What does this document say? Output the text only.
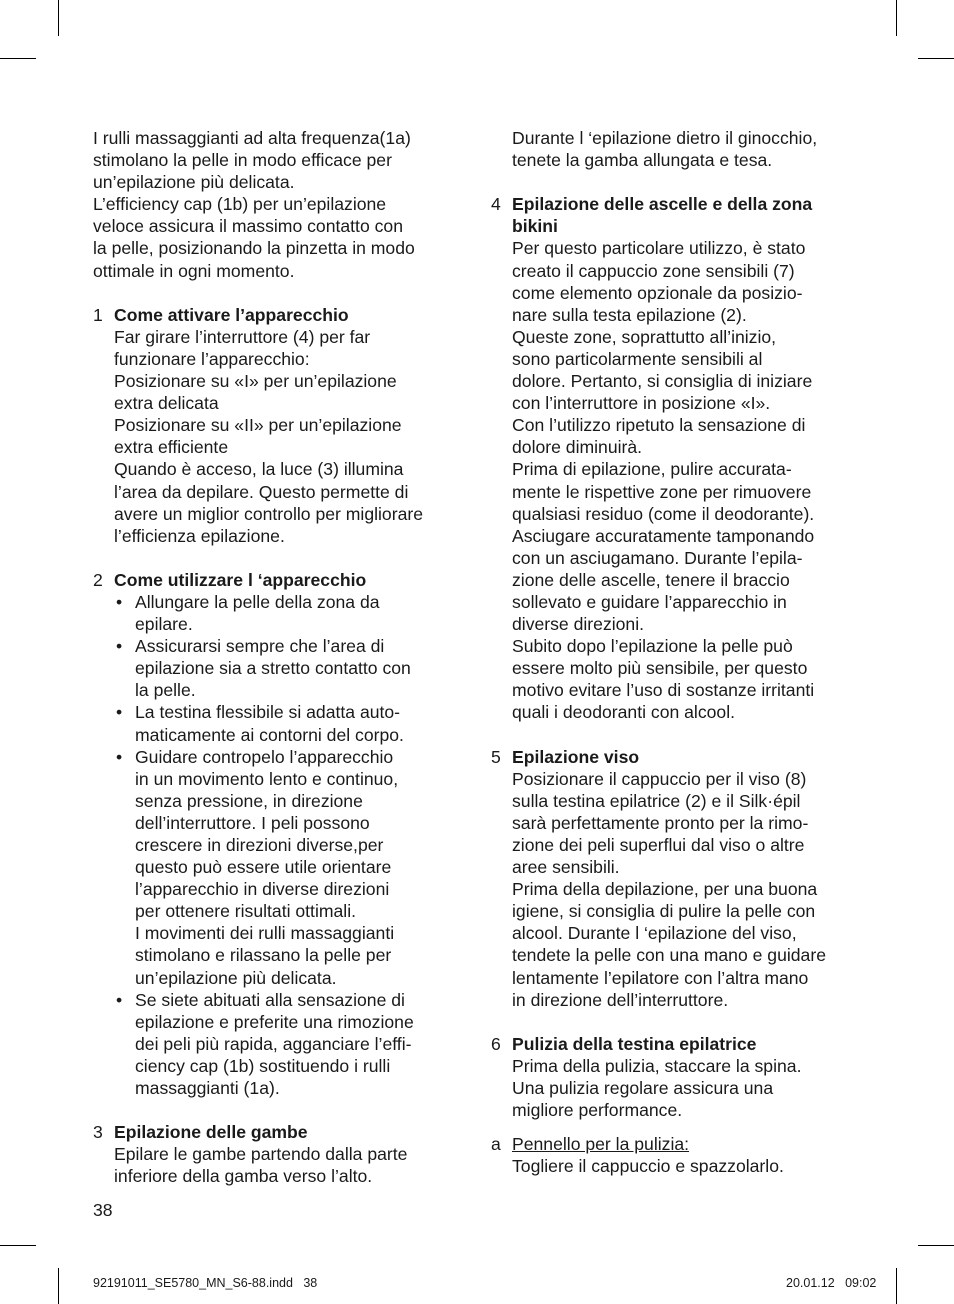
I rulli massaggianti ad alta frequenza(1a)
stimolano la pelle in modo efficace per
un’epilazione più delicata.
L’efficiency cap (1b) per un’epilazione
veloce assicura il massimo contatto con
la pelle, posizionando la pinzetta in modo
ottimale in ogni momento.
1 Come attivare l’apparecchio
Far girare l’interruttore (4) per far
funzionare l’apparecchio:
Posizionare su «I» per un’epilazione
extra delicata
Posizionare su «II» per un’epilazione
extra efficiente
Quando è acceso, la luce (3) illumina
l’area da depilare. Questo permette di
avere un miglior controllo per migliorare
l’efficienza epilazione.
2 Come utilizzare l ‘apparecchio
• Allungare la pelle della zona da
epilare.
• Assicurarsi sempre che l’area di
epilazione sia a stretto contatto con
la pelle.
• La testina flessibile si adatta auto-
maticamente ai contorni del corpo.
• Guidare contropelo l’apparecchio
in un movimento lento e continuo,
senza pressione, in direzione
dell’interruttore. I peli possono
crescere in direzioni diverse,per
questo può essere utile orientare
l’apparecchio in diverse direzioni
per ottenere risultati ottimali.
I movimenti dei rulli massaggianti
stimolano e rilassano la pelle per
un’epilazione più delicata.
• Se siete abituati alla sensazione di
epilazione e preferite una rimozione
dei peli più rapida, agganciare l’effi-
ciency cap (1b) sostituendo i rulli
massaggianti (1a).
3 Epilazione delle gambe
Epilare le gambe partendo dalla parte
inferiore della gamba verso l’alto.
Durante l ‘epilazione dietro il ginocchio,
tenete la gamba allungata e tesa.
4 Epilazione delle ascelle e della zona
bikini
Per questo particolare utilizzo, è stato
creato il cappuccio zone sensibili (7)
come elemento opzionale da posizio-
nare sulla testa epilazione (2).
Queste zone, soprattutto all’inizio,
sono particolarmente sensibili al
dolore. Pertanto, si consiglia di iniziare
con l’interruttore in posizione «I».
Con l’utilizzo ripetuto la sensazione di
dolore diminuirà.
Prima di epilazione, pulire accurata-
mente le rispettive zone per rimuovere
qualsiasi residuo (come il deodorante).
Asciugare accuratamente tamponando
con un asciugamano. Durante l’epila-
zione delle ascelle, tenere il braccio
sollevato e guidare l’apparecchio in
diverse direzioni.
Subito dopo l’epilazione la pelle può
essere molto più sensibile, per questo
motivo evitare l’uso di sostanze irritanti
quali i deodoranti con alcool.
5 Epilazione viso
Posizionare il cappuccio per il viso (8)
sulla testina epilatrice (2) e il Silk·épil
sarà perfettamente pronto per la rimo-
zione dei peli superflui dal viso o altre
aree sensibili.
Prima della depilazione, per una buona
igiene, si consiglia di pulire la pelle con
alcool. Durante l ‘epilazione del viso,
tendete la pelle con una mano e guidare
lentamente l’epilatore con l’altra mano
in direzione dell’interruttore.
6 Pulizia della testina epilatrice
Prima della pulizia, staccare la spina.
Una pulizia regolare assicura una
migliore performance.
a Pennello per la pulizia:
Togliere il cappuccio e spazzolarlo.
38
92191011_SE5780_MN_S6-88.indd   38	20.01.12   09:02
